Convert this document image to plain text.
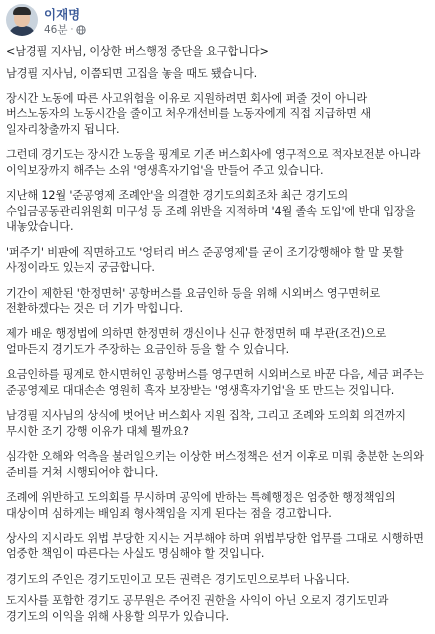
이재명
46분 ·

<남경필 지사님, 이상한 버스행정 중단을 요구합니다>

남경필 지사님, 이쯤되면 고집을 놓을 때도 됐습니다.

장시간 노동에 따른 사고위험을 이유로 지원하려면 회사에 퍼줄 것이 아니라 버스노동자의 노동시간을 줄이고 처우개선비를 노동자에게 직접 지급하면 새 일자리창출까지 됩니다.

그런데 경기도는 장시간 노동을 핑계로 기존 버스회사에 영구적으로 적자보전분 아니라 이익보장까지 해주는 소위 '영생흑자기업'을 만들어 주고 있습니다.

지난해 12월 '준공영제 조례안'을 의결한 경기도의회조차 최근 경기도의 수입금공동관리위원회 미구성 등 조례 위반을 지적하며 '4월 졸속 도입'에 반대 입장을 내놓았습니다.

'퍼주기' 비판에 직면하고도 '엉터리 버스 준공영제'를 굳이 조기강행해야 할 말 못할 사정이라도 있는지 궁금합니다.

기간이 제한된 '한정면허' 공항버스를 요금인하 등을 위해 시외버스 영구면허로 전환하겠다는 것은 더 기가 막힙니다.

제가 배운 행정법에 의하면 한정면허 갱신이나 신규 한정면허 때 부관(조건)으로 얼마든지 경기도가 주장하는 요금인하 등을 할 수 있습니다.

요금인하를 핑계로 한시면허인 공항버스를 영구면허 시외버스로 바꾼 다음, 세금 퍼주는 준공영제로 대대손손 영원히 흑자 보장받는 '영생흑자기업'을 또 만드는 것입니다.

남경필 지사님의 상식에 벗어난 버스회사 지원 집착, 그리고 조례와 도의회 의견까지 무시한 조기 강행 이유가 대체 뭘까요?

심각한 오해와 억측을 불러일으키는 이상한 버스정책은 선거 이후로 미뤄 충분한 논의와 준비를 거쳐 시행되어야 합니다.

조례에 위반하고 도의회를 무시하며 공익에 반하는 특혜행정은 엄중한 행정책임의 대상이며 심하게는 배임죄 형사책임을 지게 된다는 점을 경고합니다.

상사의 지시라도 위법 부당한 지시는 거부해야 하며 위법부당한 업무를 그대로 시행하면 엄중한 책임이 따른다는 사실도 명심해야 할 것입니다.

경기도의 주인은 경기도민이고 모든 권력은 경기도민으로부터 나옵니다.

도지사를 포함한 경기도 공무원은 주어진 권한을 사익이 아닌 오로지 경기도민과 경기도의 이익을 위해 사용할 의무가 있습니다.
